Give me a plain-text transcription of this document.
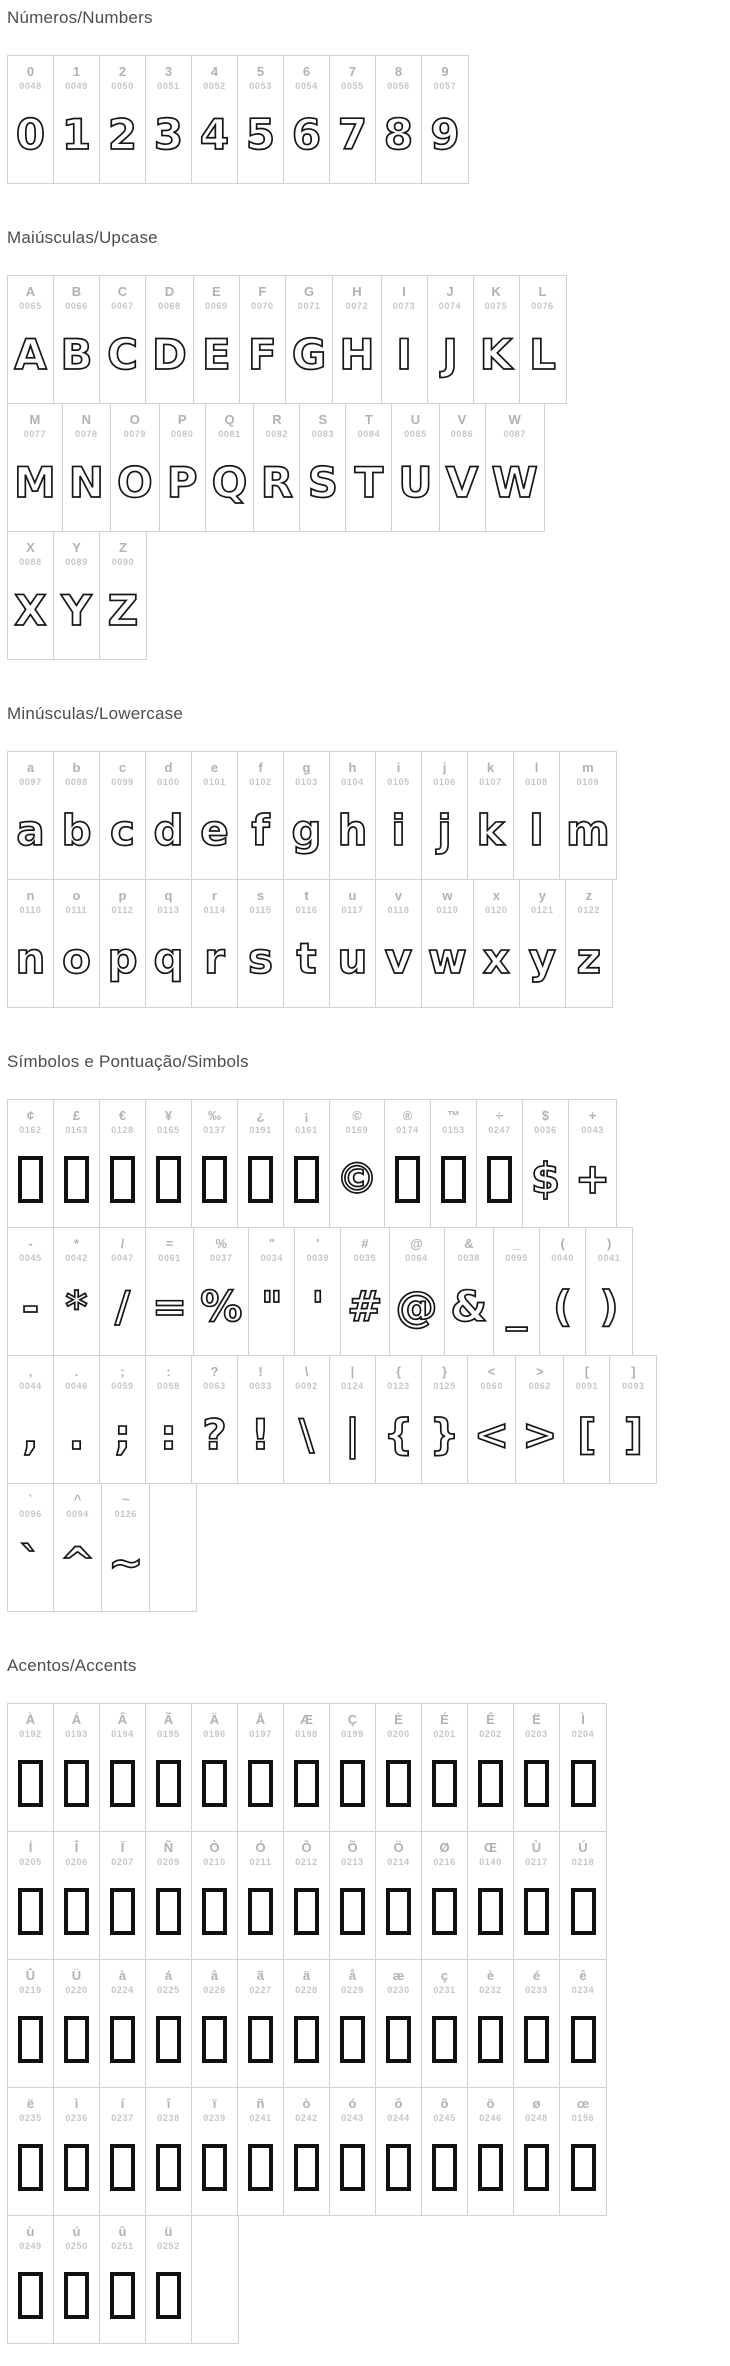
Números/Numbers
0
0048
0
1
0049
1
2
0050
2
3
0051
3
4
0052
4
5
0053
5
6
0054
6
7
0055
7
8
0056
8
9
0057
9
Maiúsculas/Upcase
A
0065
A
B
0066
B
C
0067
C
D
0068
D
E
0069
E
F
0070
F
G
0071
G
H
0072
H
I
0073
I
J
0074
J
K
0075
K
L
0076
L
M
0077
M
N
0078
N
O
0079
O
P
0080
P
Q
0081
Q
R
0082
R
S
0083
S
T
0084
T
U
0085
U
V
0086
V
W
0087
W
X
0088
X
Y
0089
Y
Z
0090
Z
Minúsculas/Lowercase
a
0097
a
b
0098
b
c
0099
c
d
0100
d
e
0101
e
f
0102
f
g
0103
g
h
0104
h
i
0105
i
j
0106
j
k
0107
k
l
0108
l
m
0109
m
n
0110
n
o
0111
o
p
0112
p
q
0113
q
r
0114
r
s
0115
s
t
0116
t
u
0117
u
v
0118
v
w
0119
w
x
0120
x
y
0121
y
z
0122
z
Símbolos e Pontuação/Simbols
¢
0162
£
0163
€
0128
¥
0165
‰
0137
¿
0191
¡
0161
©
0169
©
®
0174
™
0153
÷
0247
$
0036
$
+
0043
+
-
0045
-
*
0042
*
/
0047
/
=
0061
=
%
0037
%
"
0034
"
'
0039
'
#
0035
#
@
0064
@
&
0038
&
_
0095
_
(
0040
(
)
0041
)
,
0044
,
.
0046
.
;
0059
;
:
0058
:
?
0063
?
!
0033
!
\
0092
\
|
0124
|
{
0123
{
}
0125
}
<
0060
<
>
0062
>
[
0091
[
]
0093
]
`
0096
`
^
0094
^
~
0126
~
Acentos/Accents
À
0192
Á
0193
Â
0194
Ã
0195
Ä
0196
Å
0197
Æ
0198
Ç
0199
È
0200
É
0201
Ê
0202
Ë
0203
Ì
0204
Í
0205
Î
0206
Ï
0207
Ñ
0209
Ò
0210
Ó
0211
Ô
0212
Õ
0213
Ö
0214
Ø
0216
Œ
0140
Ù
0217
Ú
0218
Û
0219
Ü
0220
à
0224
á
0225
â
0226
ã
0227
ä
0228
å
0229
æ
0230
ç
0231
è
0232
é
0233
ê
0234
ë
0235
ì
0236
í
0237
î
0238
ï
0239
ñ
0241
ò
0242
ó
0243
ô
0244
õ
0245
ö
0246
ø
0248
œ
0156
ù
0249
ú
0250
û
0251
ü
0252
